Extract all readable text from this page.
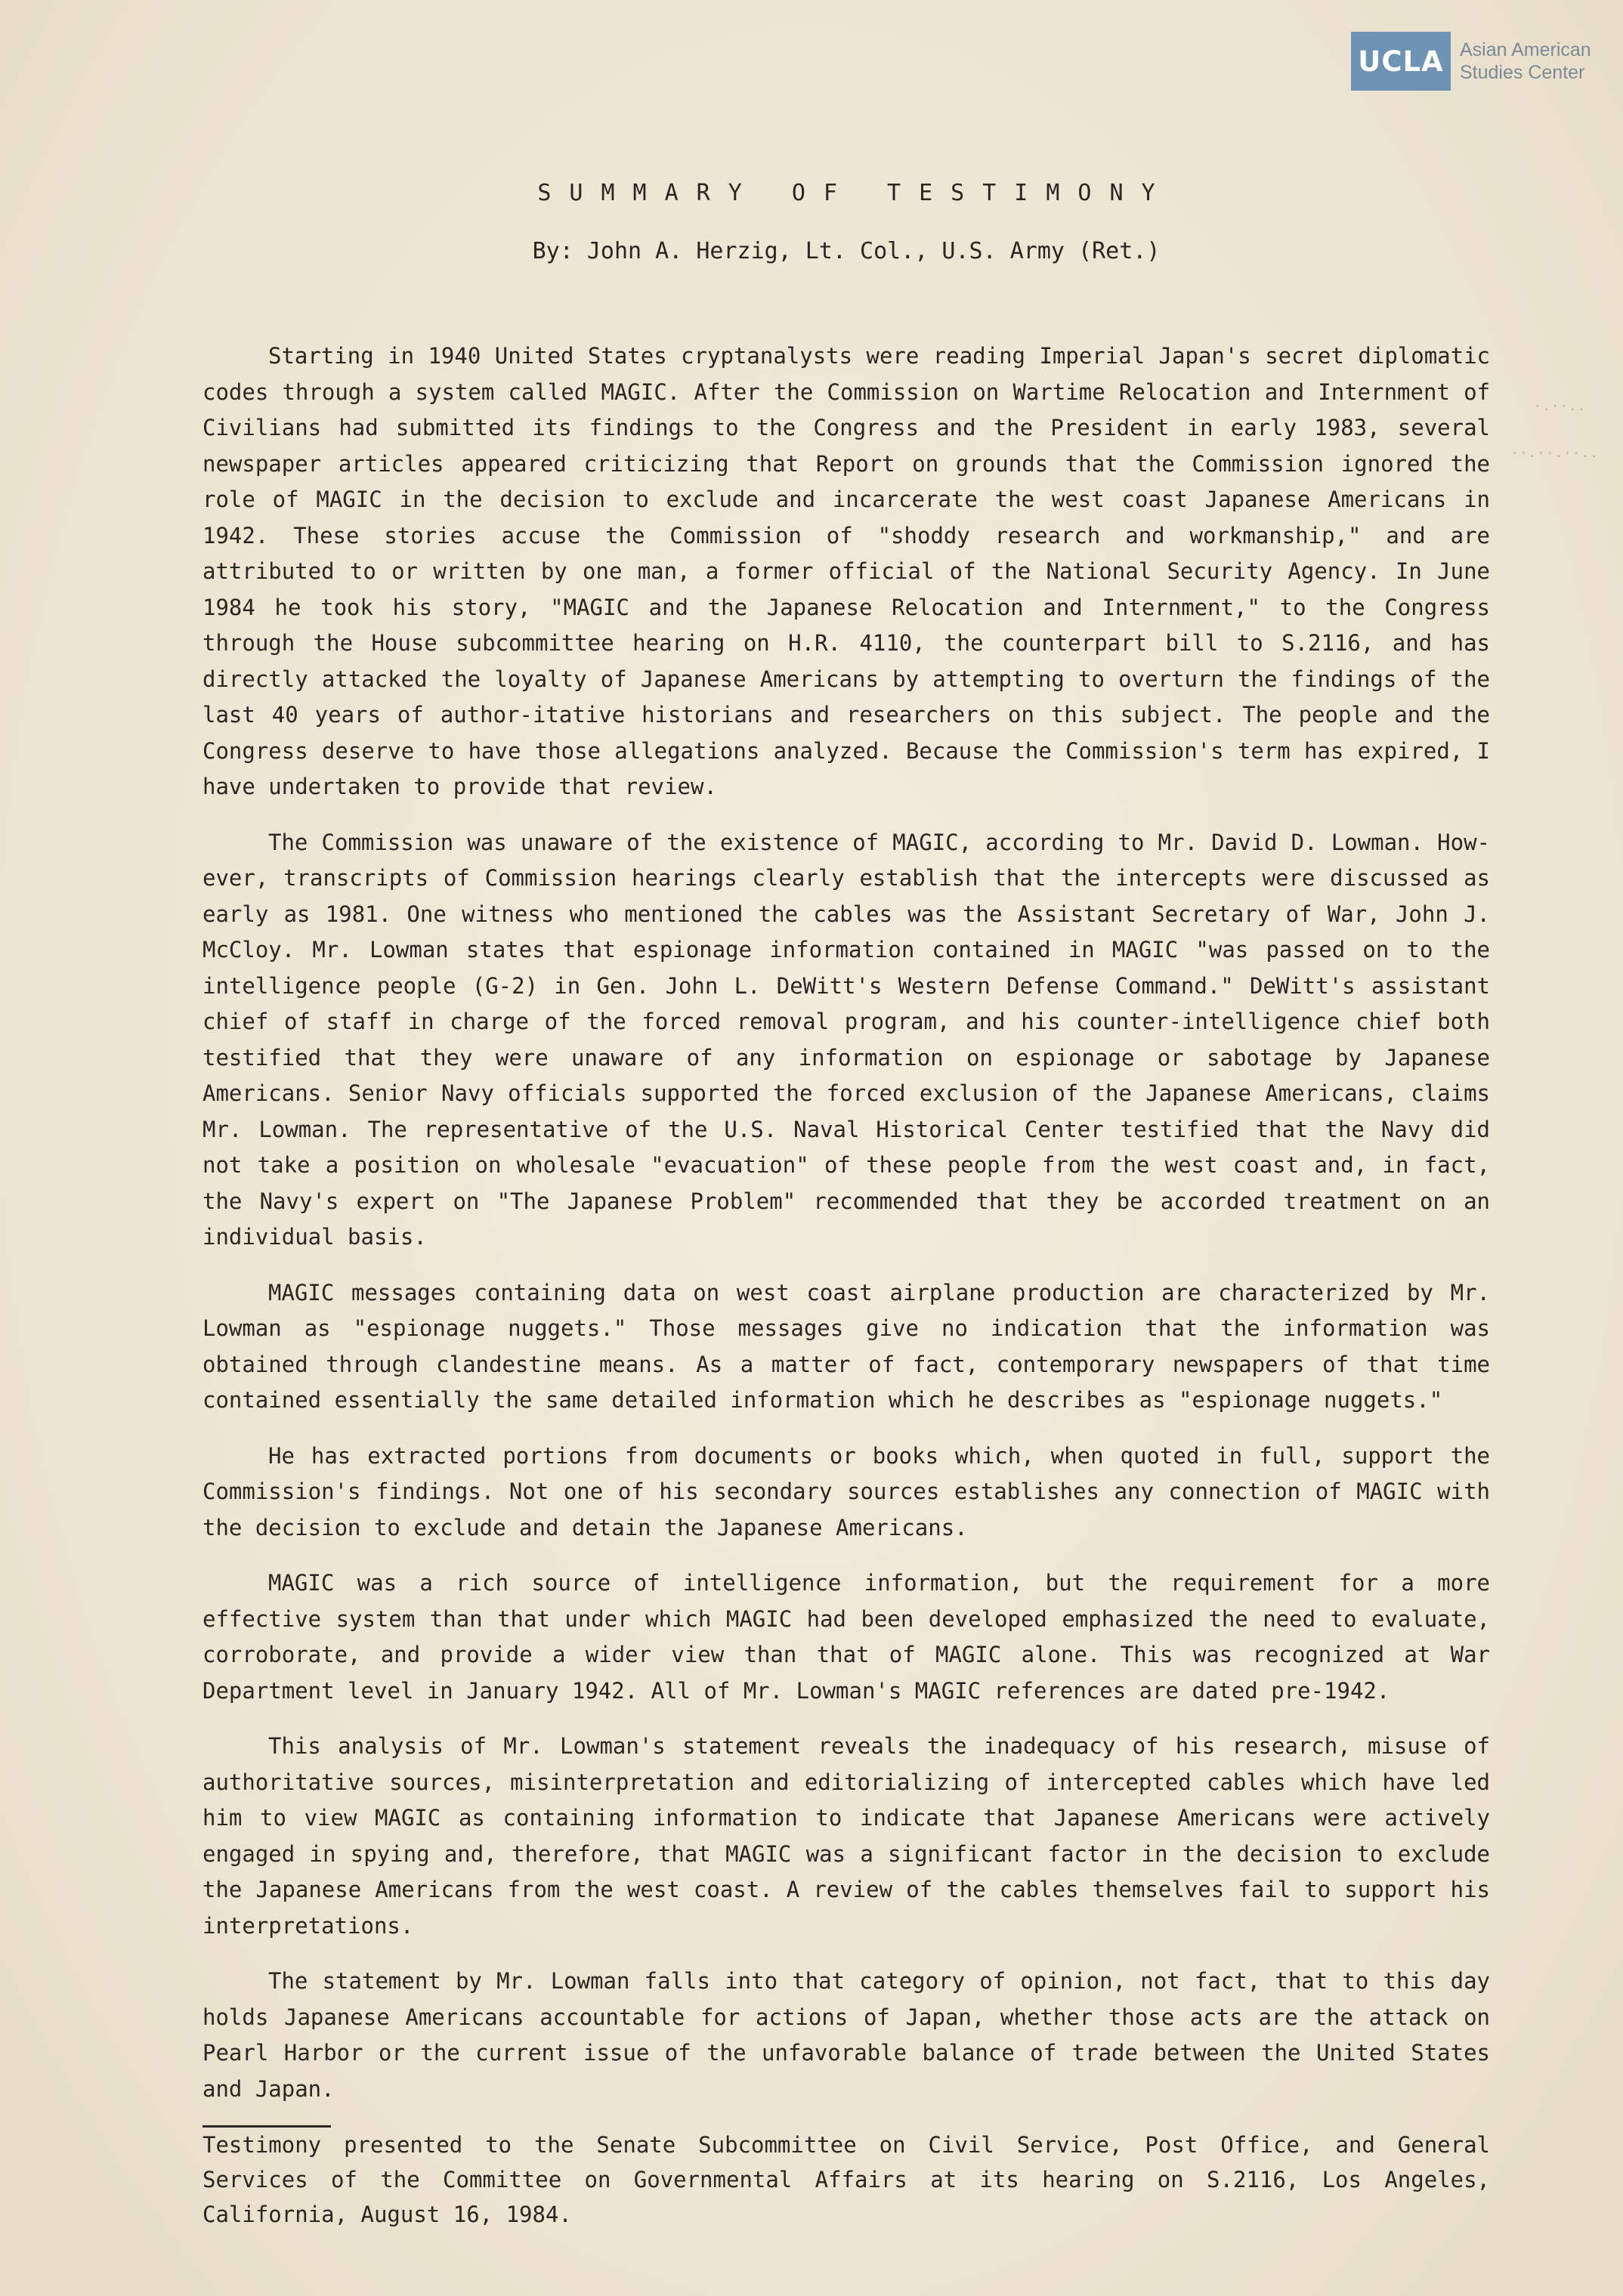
UCLA Asian American
Studies Center
·.··..
··.··.··..
SUMMARY OF TESTIMONY
By: John A. Herzig, Lt. Col., U.S. Army (Ret.)

Starting in 1940 United States cryptanalysts were reading Imperial Japan's secret diplomatic codes through a system called MAGIC. After the Commission on Wartime Relocation and Internment of Civilians had submitted its findings to the Congress and the President in early 1983, several newspaper articles appeared criticizing that Report on grounds that the Commission ignored the role of MAGIC in the decision to exclude and incarcerate the west coast Japanese Americans in 1942. These stories accuse the Commission of "shoddy research and workmanship," and are attributed to or written by one man, a former official of the National Security Agency. In June 1984 he took his story, "MAGIC and the Japanese Relocation and Internment," to the Congress through the House subcommittee hearing on H.R. 4110, the counterpart bill to S.2116, and has directly attacked the loyalty of Japanese Americans by attempting to overturn the findings of the last 40 years of author-itative historians and researchers on this subject. The people and the Congress deserve to have those allegations analyzed. Because the Commission's term has expired, I have undertaken to provide that review.

The Commission was unaware of the existence of MAGIC, according to Mr. David D. Lowman. How-ever, transcripts of Commission hearings clearly establish that the intercepts were discussed as early as 1981. One witness who mentioned the cables was the Assistant Secretary of War, John J. McCloy. Mr. Lowman states that espionage information contained in MAGIC "was passed on to the intelligence people (G-2) in Gen. John L. DeWitt's Western Defense Command." DeWitt's assistant chief of staff in charge of the forced removal program, and his counter-intelligence chief both testified that they were unaware of any information on espionage or sabotage by Japanese Americans. Senior Navy officials supported the forced exclusion of the Japanese Americans, claims Mr. Lowman. The representative of the U.S. Naval Historical Center testified that the Navy did not take a position on wholesale "evacuation" of these people from the west coast and, in fact, the Navy's expert on "The Japanese Problem" recommended that they be accorded treatment on an individual basis.

MAGIC messages containing data on west coast airplane production are characterized by Mr. Lowman as "espionage nuggets." Those messages give no indication that the information was obtained through clandestine means. As a matter of fact, contemporary newspapers of that time contained essentially the same detailed information which he describes as "espionage nuggets."

He has extracted portions from documents or books which, when quoted in full, support the Commission's findings. Not one of his secondary sources establishes any connection of MAGIC with the decision to exclude and detain the Japanese Americans.

MAGIC was a rich source of intelligence information, but the requirement for a more effective system than that under which MAGIC had been developed emphasized the need to evaluate, corroborate, and provide a wider view than that of MAGIC alone. This was recognized at War Department level in January 1942. All of Mr. Lowman's MAGIC references are dated pre-1942.

This analysis of Mr. Lowman's statement reveals the inadequacy of his research, misuse of authoritative sources, misinterpretation and editorializing of intercepted cables which have led him to view MAGIC as containing information to indicate that Japanese Americans were actively engaged in spying and, therefore, that MAGIC was a significant factor in the decision to exclude the Japanese Americans from the west coast. A review of the cables themselves fail to support his interpretations.

The statement by Mr. Lowman falls into that category of opinion, not fact, that to this day holds Japanese Americans accountable for actions of Japan, whether those acts are the attack on Pearl Harbor or the current issue of the unfavorable balance of trade between the United States and Japan.

Testimony presented to the Senate Subcommittee on Civil Service, Post Office, and General Services of the Committee on Governmental Affairs at its hearing on S.2116, Los Angeles, California, August 16, 1984.
